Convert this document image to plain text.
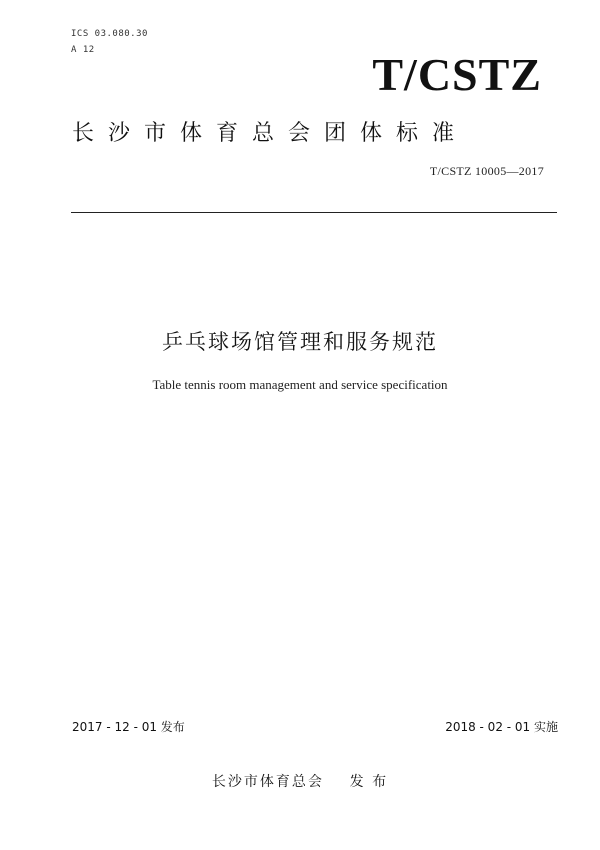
ICS 03.080.30
A 12	T/CSTZ
长沙市体育总会团体标准
T/CSTZ 10005—2017
乒乓球场馆管理和服务规范
Table tennis room management and service specification
2017 - 12 - 01 发布	2018 - 02 - 01 实施
长沙市体育总会    发 布
